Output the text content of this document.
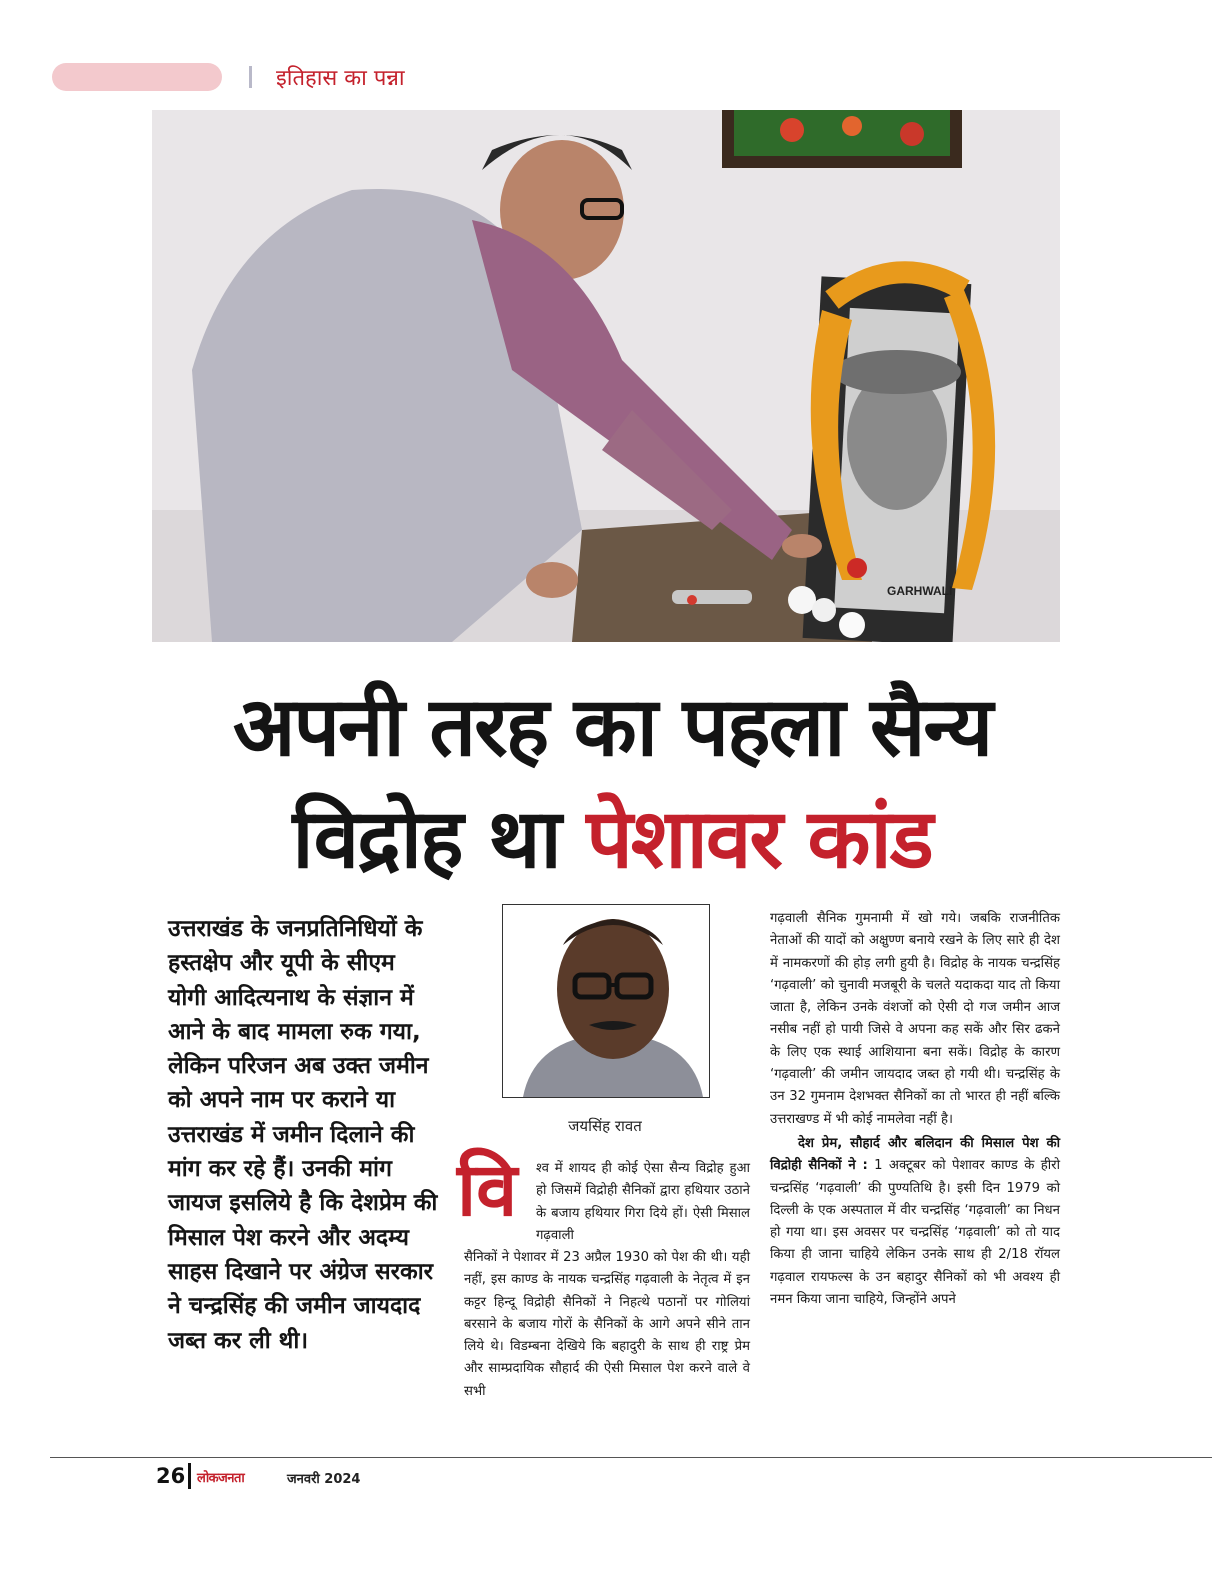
इतिहास का पन्ना
GARHWALI
अपनी तरह का पहला सैन्य
विद्रोह था पेशावर कांड
उत्तराखंड के जनप्रतिनिधियों के हस्तक्षेप और यूपी के सीएम योगी आदित्यनाथ के संज्ञान में आने के बाद मामला रुक गया, लेकिन परिजन अब उक्त जमीन को अपने नाम पर कराने या उत्तराखंड में जमीन दिलाने की मांग कर रहे हैं। उनकी मांग जायज इसलिये है कि देशप्रेम की मिसाल पेश करने और अदम्य साहस दिखाने पर अंग्रेज सरकार ने चन्द्रसिंह की जमीन जायदाद जब्त कर ली थी।
जयसिंह रावत
वि श्व में शायद ही कोई ऐसा सैन्य विद्रोह हुआ हो जिसमें विद्रोही सैनिकों द्वारा हथियार उठाने के बजाय हथियार गिरा दिये हों। ऐसी मिसाल गढ़वाली
सैनिकों ने पेशावर में 23 अप्रैल 1930 को पेश की थी। यही नहीं, इस काण्ड के नायक चन्द्रसिंह गढ़वाली के नेतृत्व में इन कट्टर हिन्दू विद्रोही सैनिकों ने निहत्थे पठानों पर गोलियां बरसाने के बजाय गोरों के सैनिकों के आगे अपने सीने तान लिये थे। विडम्बना देखिये कि बहादुरी के साथ ही राष्ट्र प्रेम और साम्प्रदायिक सौहार्द की ऐसी मिसाल पेश करने वाले वे सभी
गढ़वाली सैनिक गुमनामी में खो गये। जबकि राजनीतिक नेताओं की यादों को अक्षुण्ण बनाये रखने के लिए सारे ही देश में नामकरणों की होड़ लगी हुयी है। विद्रोह के नायक चन्द्रसिंह ‘गढ़वाली’ को चुनावी मजबूरी के चलते यदाकदा याद तो किया जाता है, लेकिन उनके वंशजों को ऐसी दो गज जमीन आज नसीब नहीं हो पायी जिसे वे अपना कह सकें और सिर ढकने के लिए एक स्थाई आशियाना बना सकें। विद्रोह के कारण ‘गढ़वाली’ की जमीन जायदाद जब्त हो गयी थी। चन्द्रसिंह के उन 32 गुमनाम देशभक्त सैनिकों का तो भारत ही नहीं बल्कि उत्तराखण्ड में भी कोई नामलेवा नहीं है।
देश प्रेम, सौहार्द और बलिदान की मिसाल पेश की विद्रोही सैनिकों ने : 1 अक्टूबर को पेशावर काण्ड के हीरो चन्द्रसिंह ‘गढ़वाली’ की पुण्यतिथि है। इसी दिन 1979 को दिल्ली के एक अस्पताल में वीर चन्द्रसिंह ‘गढ़वाली’ का निधन हो गया था। इस अवसर पर चन्द्रसिंह ‘गढ़वाली’ को तो याद किया ही जाना चाहिये लेकिन उनके साथ ही 2/18 रॉयल गढ़वाल रायफल्स के उन बहादुर सैनिकों को भी अवश्य ही नमन किया जाना चाहिये, जिन्होंने अपने
26 लोकजनता	जनवरी 2024
